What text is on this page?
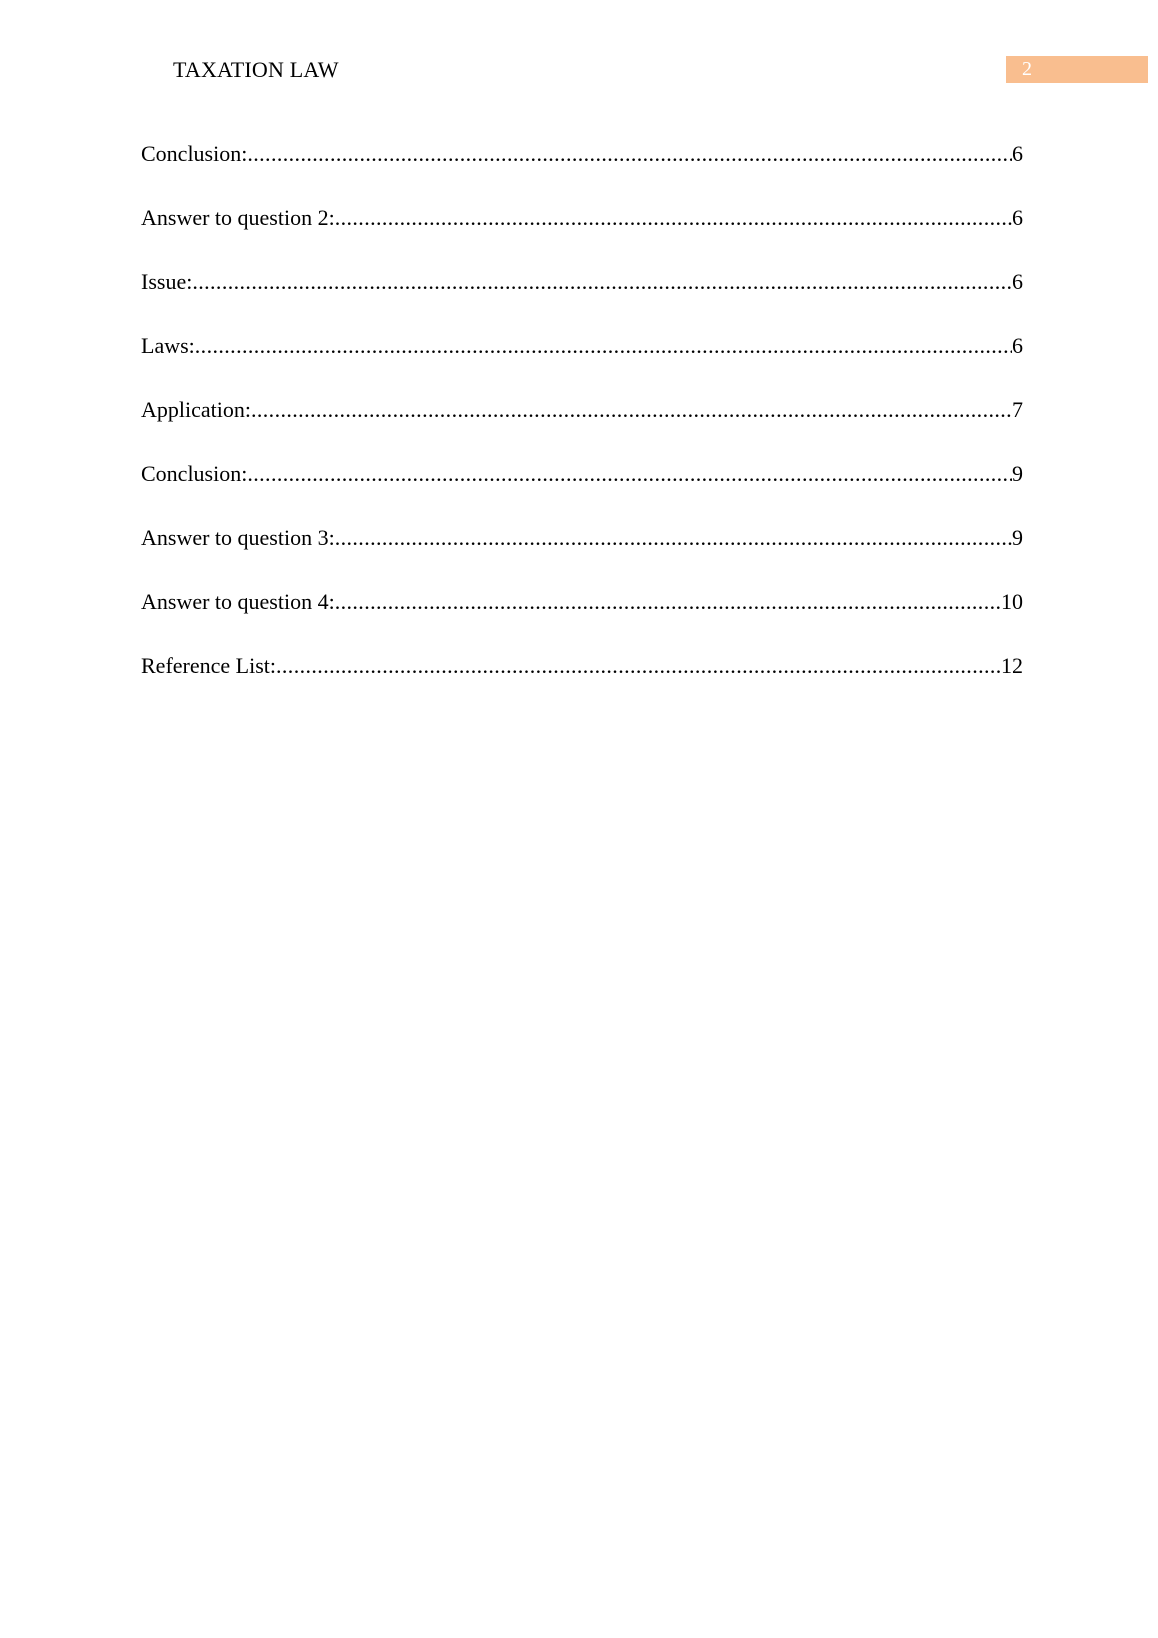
TAXATION LAW	2
Conclusion: .....	6
Answer to question 2: .....	6
Issue: .....	6
Laws: .....	6
Application: .....	7
Conclusion: .....	9
Answer to question 3: .....	9
Answer to question 4: .....	10
Reference List: .....	12
